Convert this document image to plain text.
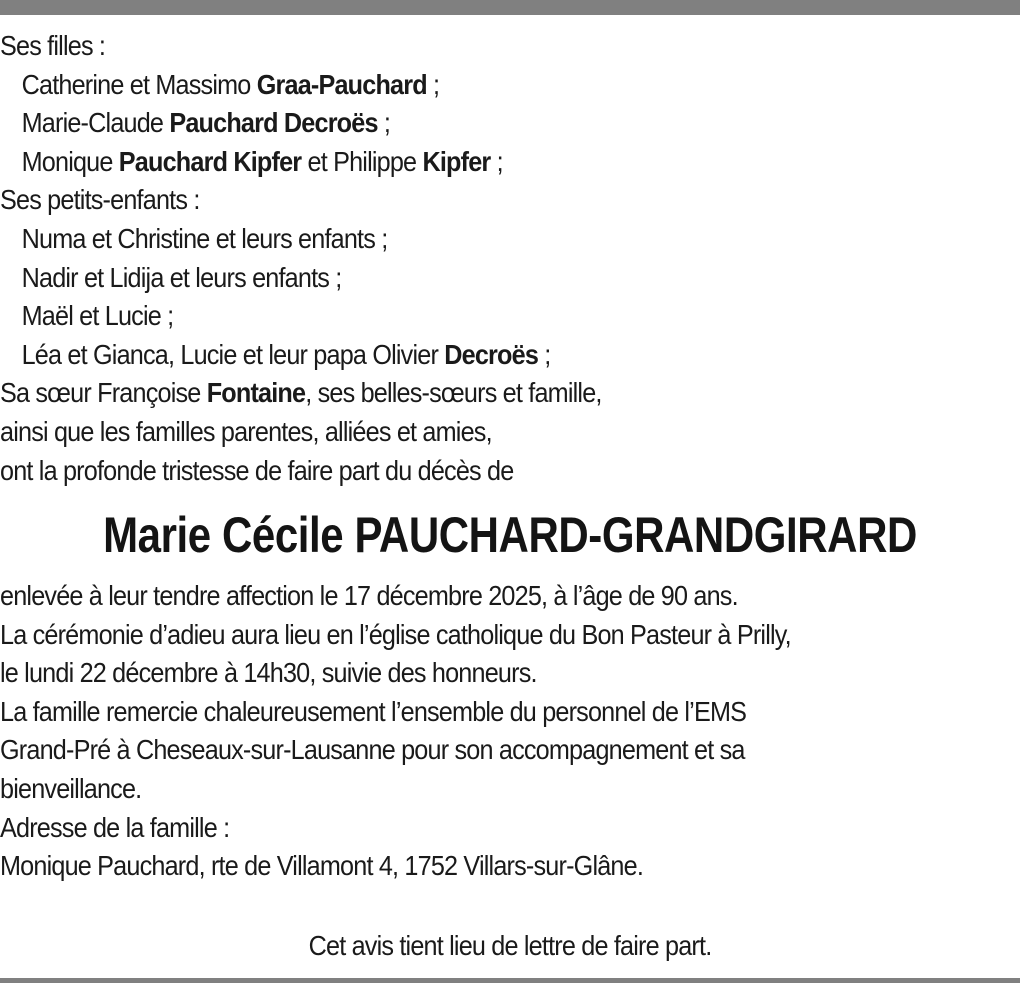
Ses filles :
Catherine et Massimo Graa-Pauchard ;
Marie-Claude Pauchard Decroës ;
Monique Pauchard Kipfer et Philippe Kipfer ;
Ses petits-enfants :
Numa et Christine et leurs enfants ;
Nadir et Lidija et leurs enfants ;
Maël et Lucie ;
Léa et Gianca, Lucie et leur papa Olivier Decroës ;
Sa sœur Françoise Fontaine, ses belles-sœurs et famille,
ainsi que les familles parentes, alliées et amies,
ont la profonde tristesse de faire part du décès de
Marie Cécile PAUCHARD-GRANDGIRARD
enlevée à leur tendre affection le 17 décembre 2025, à l’âge de 90 ans.
La cérémonie d’adieu aura lieu en l’église catholique du Bon Pasteur à Prilly,
le lundi 22 décembre à 14h30, suivie des honneurs.
La famille remercie chaleureusement l’ensemble du personnel de l’EMS
Grand-Pré à Cheseaux-sur-Lausanne pour son accompagnement et sa
bienveillance.
Adresse de la famille :
Monique Pauchard, rte de Villamont 4, 1752 Villars-sur-Glâne.
Cet avis tient lieu de lettre de faire part.
